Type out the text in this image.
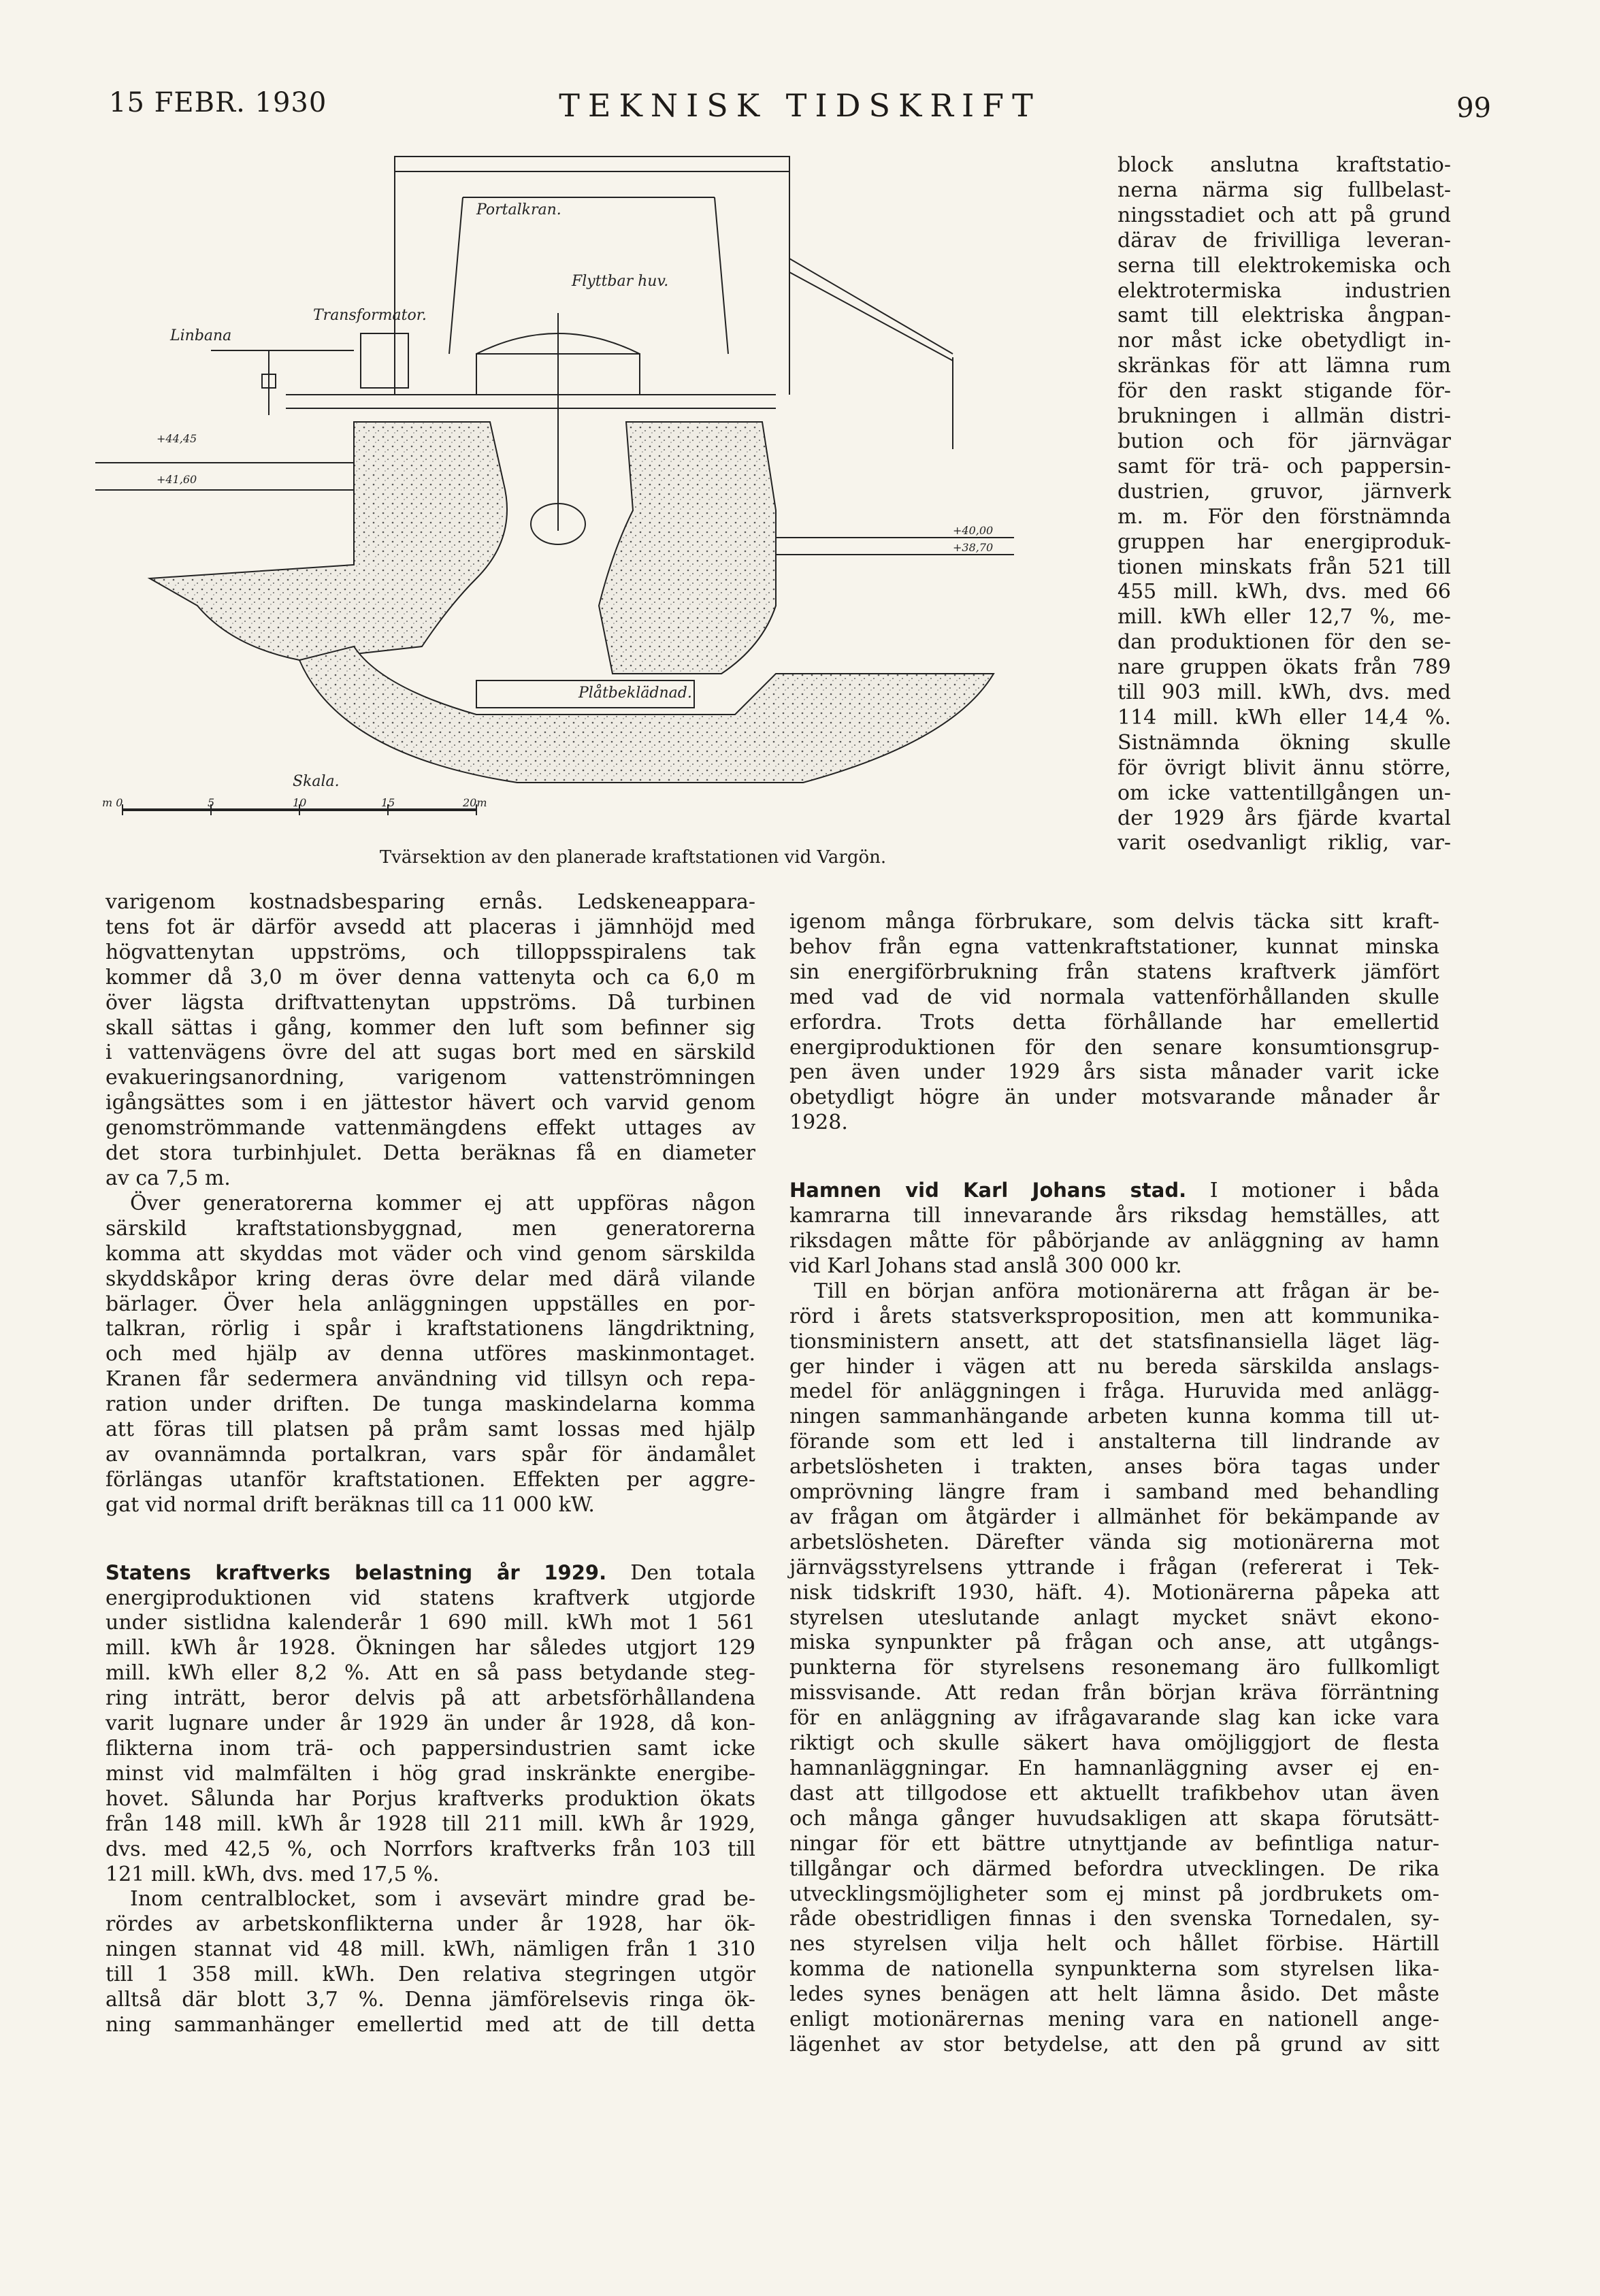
15 FEBR. 1930	TEKNISK TIDSKRIFT	99
Portalkran.
Transformator.
Linbana
Flyttbar huv.
Plåtbeklädnad.
Skala.
+44,45
+41,60
+40,00
+38,70
m 0	5	10	15	20m
Tvärsektion av den planerade kraftstationen vid Vargön.
block anslutna kraftstatio-
nerna närma sig fullbelast-
ningsstadiet och att på grund
därav de frivilliga leveran-
serna till elektrokemiska och
elektrotermiska industrien
samt till elektriska ångpan-
nor måst icke obetydligt in-
skränkas för att lämna rum
för den raskt stigande för-
brukningen i allmän distri-
bution och för järnvägar
samt för trä- och pappersin-
dustrien, gruvor, järnverk
m. m. För den förstnämnda
gruppen har energiproduk-
tionen minskats från 521 till
455 mill. kWh, dvs. med 66
mill. kWh eller 12,7 %, me-
dan produktionen för den se-
nare gruppen ökats från 789
till 903 mill. kWh, dvs. med
114 mill. kWh eller 14,4 %.
Sistnämnda ökning skulle
för övrigt blivit ännu större,
om icke vattentillgången un-
der 1929 års fjärde kvartal
varit osedvanligt riklig, var-
varigenom kostnadsbesparing ernås. Ledskeneappara-
tens fot är därför avsedd att placeras i jämnhöjd med
högvattenytan uppströms, och tilloppsspiralens tak
kommer då 3,0 m över denna vattenyta och ca 6,0 m
över lägsta driftvattenytan uppströms. Då turbinen
skall sättas i gång, kommer den luft som befinner sig
i vattenvägens övre del att sugas bort med en särskild
evakueringsanordning, varigenom vattenströmningen
igångsättes som i en jättestor hävert och varvid genom
genomströmmande vattenmängdens effekt uttages av
det stora turbinhjulet. Detta beräknas få en diameter
av ca 7,5 m.
Över generatorerna kommer ej att uppföras någon
särskild kraftstationsbyggnad, men generatorerna
komma att skyddas mot väder och vind genom särskilda
skyddskåpor kring deras övre delar med därå vilande
bärlager. Över hela anläggningen uppställes en por-
talkran, rörlig i spår i kraftstationens längdriktning,
och med hjälp av denna utföres maskinmontaget.
Kranen får sedermera användning vid tillsyn och repa-
ration under driften. De tunga maskindelarna komma
att föras till platsen på pråm samt lossas med hjälp
av ovannämnda portalkran, vars spår för ändamålet
förlängas utanför kraftstationen. Effekten per aggre-
gat vid normal drift beräknas till ca 11 000 kW.
Statens kraftverks belastning år 1929. Den totala
energiproduktionen vid statens kraftverk utgjorde
under sistlidna kalenderår 1 690 mill. kWh mot 1 561
mill. kWh år 1928. Ökningen har således utgjort 129
mill. kWh eller 8,2 %. Att en så pass betydande steg-
ring inträtt, beror delvis på att arbetsförhållandena
varit lugnare under år 1929 än under år 1928, då kon-
flikterna inom trä- och pappersindustrien samt icke
minst vid malmfälten i hög grad inskränkte energibe-
hovet. Sålunda har Porjus kraftverks produktion ökats
från 148 mill. kWh år 1928 till 211 mill. kWh år 1929,
dvs. med 42,5 %, och Norrfors kraftverks från 103 till
121 mill. kWh, dvs. med 17,5 %.
Inom centralblocket, som i avsevärt mindre grad be-
rördes av arbetskonflikterna under år 1928, har ök-
ningen stannat vid 48 mill. kWh, nämligen från 1 310
till 1 358 mill. kWh. Den relativa stegringen utgör
alltså där blott 3,7 %. Denna jämförelsevis ringa ök-
ning sammanhänger emellertid med att de till detta
igenom många förbrukare, som delvis täcka sitt kraft-
behov från egna vattenkraftstationer, kunnat minska
sin energiförbrukning från statens kraftverk jämfört
med vad de vid normala vattenförhållanden skulle
erfordra. Trots detta förhållande har emellertid
energiproduktionen för den senare konsumtionsgrup-
pen även under 1929 års sista månader varit icke
obetydligt högre än under motsvarande månader år
1928.
Hamnen vid Karl Johans stad. I motioner i båda
kamrarna till innevarande års riksdag hemställes, att
riksdagen måtte för påbörjande av anläggning av hamn
vid Karl Johans stad anslå 300 000 kr.
Till en början anföra motionärerna att frågan är be-
rörd i årets statsverksproposition, men att kommunika-
tionsministern ansett, att det statsfinansiella läget läg-
ger hinder i vägen att nu bereda särskilda anslags-
medel för anläggningen i fråga. Huruvida med anlägg-
ningen sammanhängande arbeten kunna komma till ut-
förande som ett led i anstalterna till lindrande av
arbetslösheten i trakten, anses böra tagas under
omprövning längre fram i samband med behandling
av frågan om åtgärder i allmänhet för bekämpande av
arbetslösheten. Därefter vända sig motionärerna mot
järnvägsstyrelsens yttrande i frågan (refererat i Tek-
nisk tidskrift 1930, häft. 4). Motionärerna påpeka att
styrelsen uteslutande anlagt mycket snävt ekono-
miska synpunkter på frågan och anse, att utgångs-
punkterna för styrelsens resonemang äro fullkomligt
missvisande. Att redan från början kräva förräntning
för en anläggning av ifrågavarande slag kan icke vara
riktigt och skulle säkert hava omöjliggjort de flesta
hamnanläggningar. En hamnanläggning avser ej en-
dast att tillgodose ett aktuellt trafikbehov utan även
och många gånger huvudsakligen att skapa förutsätt-
ningar för ett bättre utnyttjande av befintliga natur-
tillgångar och därmed befordra utvecklingen. De rika
utvecklingsmöjligheter som ej minst på jordbrukets om-
råde obestridligen finnas i den svenska Tornedalen, sy-
nes styrelsen vilja helt och hållet förbise. Härtill
komma de nationella synpunkterna som styrelsen lika-
ledes synes benägen att helt lämna åsido. Det måste
enligt motionärernas mening vara en nationell ange-
lägenhet av stor betydelse, att den på grund av sitt
